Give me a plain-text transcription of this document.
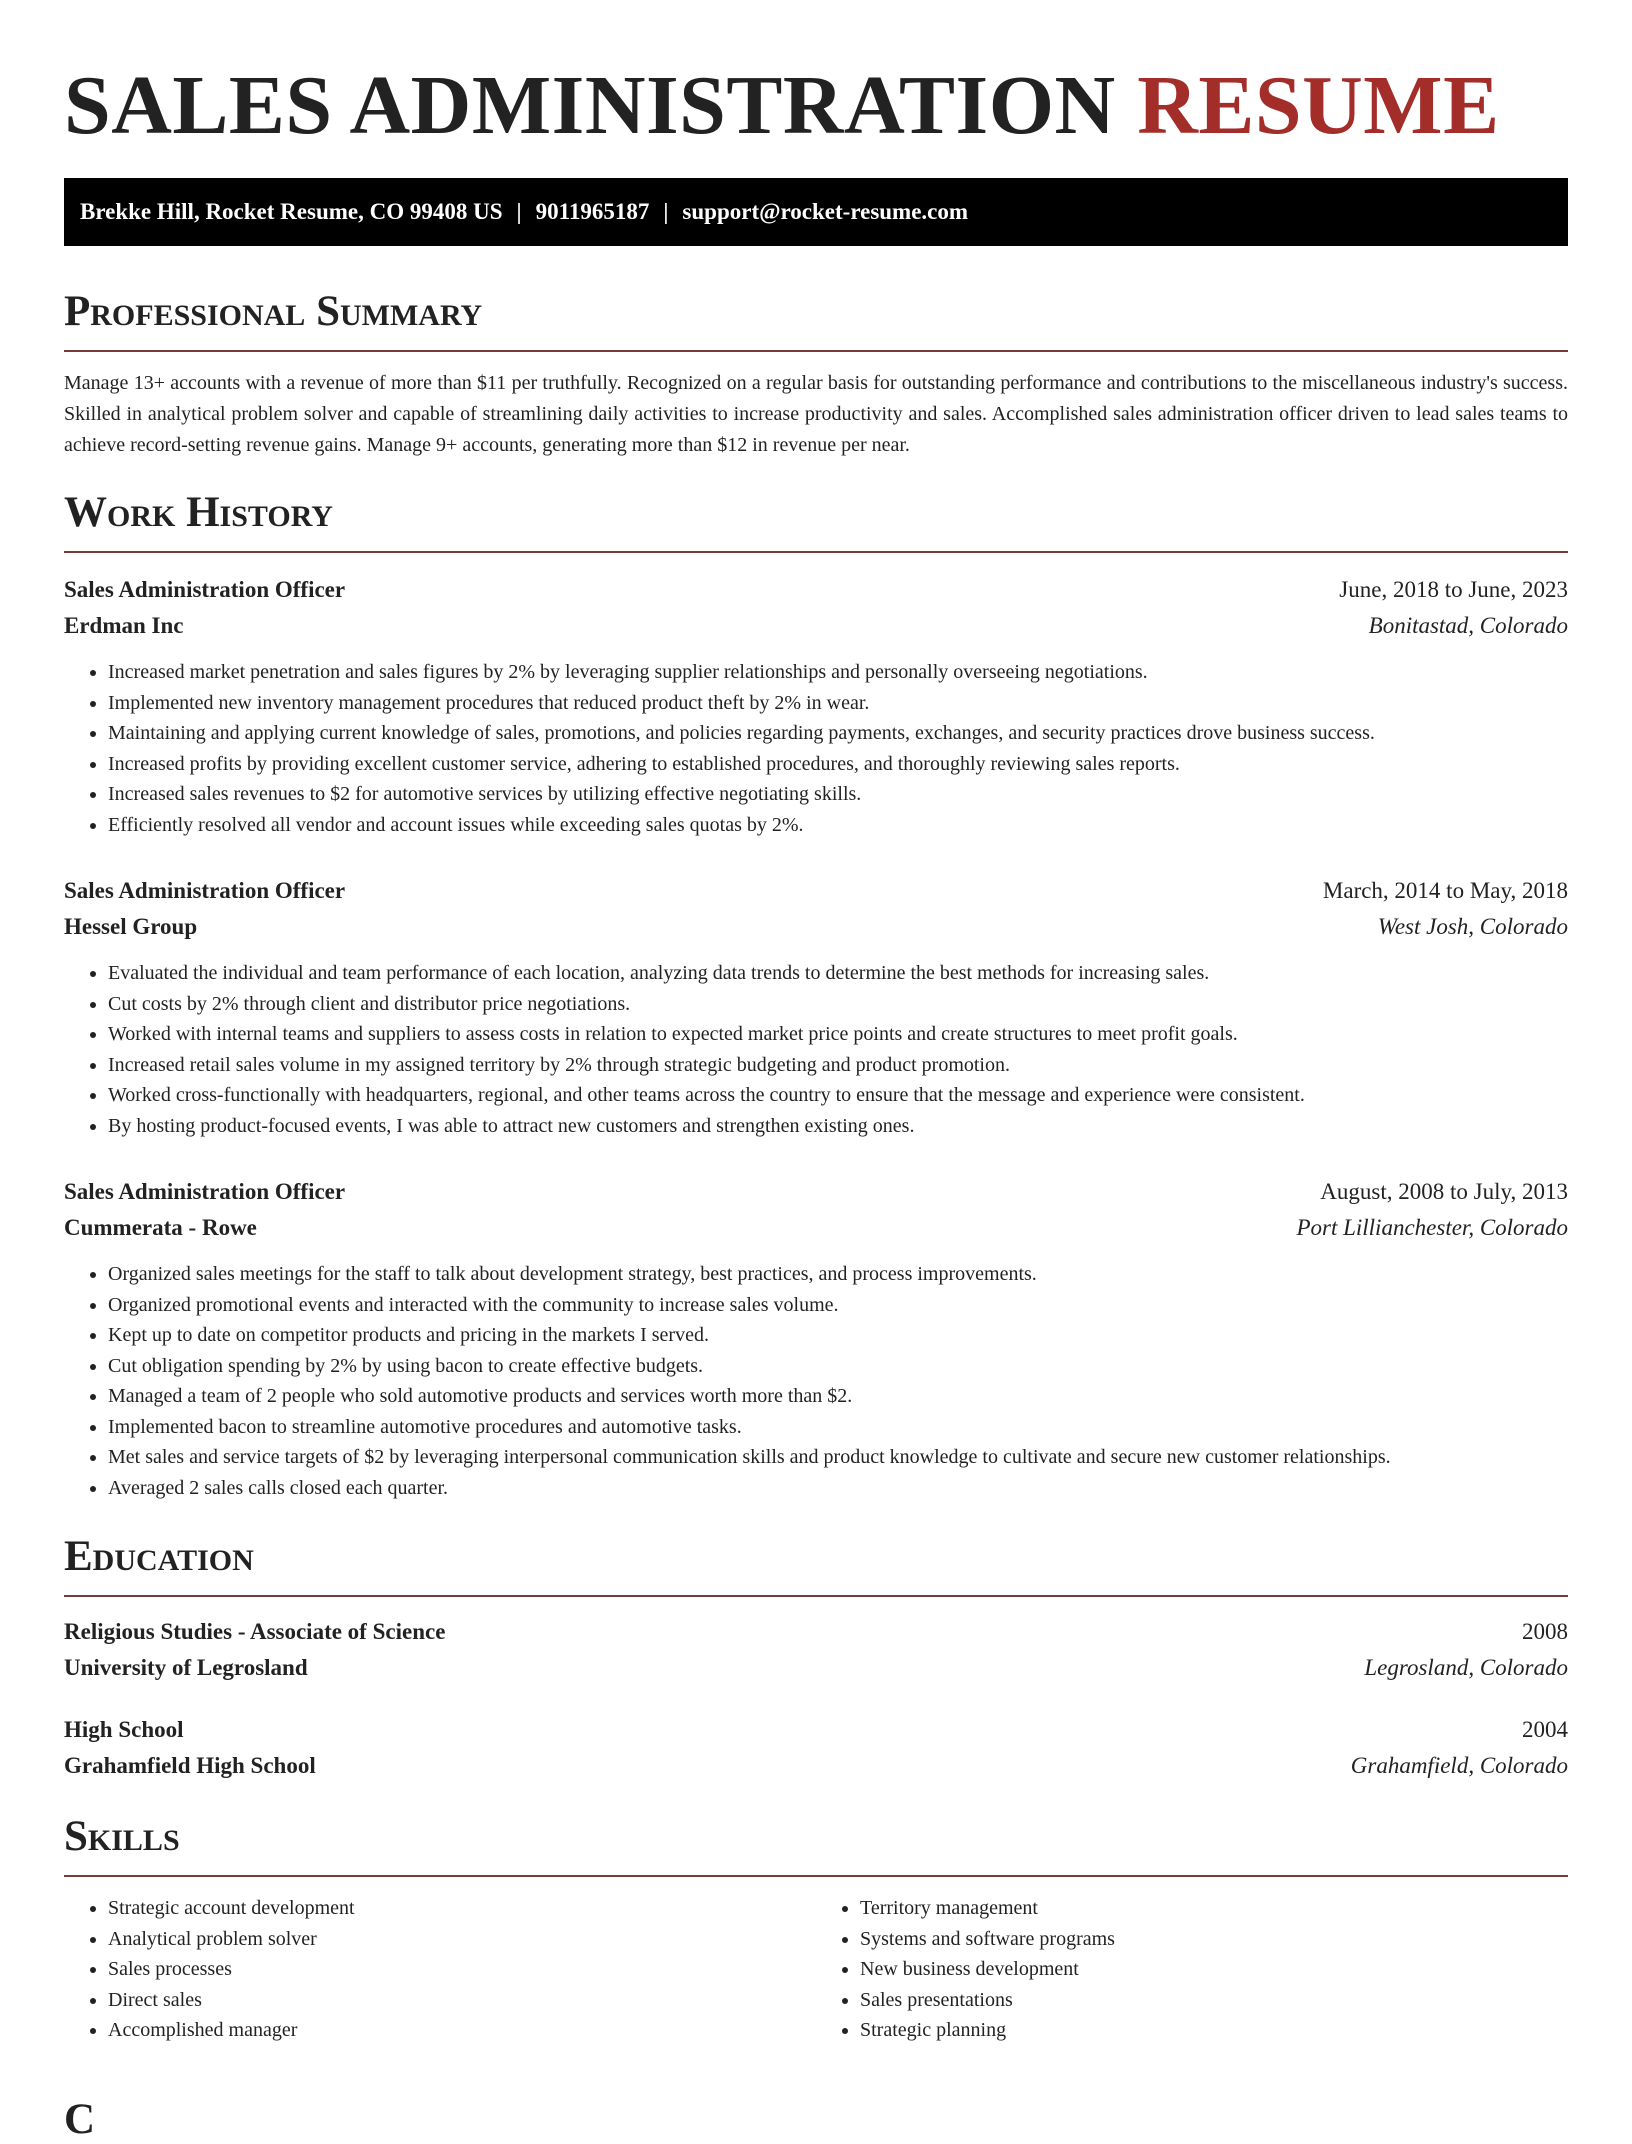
SALES ADMINISTRATION RESUME
Brekke Hill, Rocket Resume, CO 99408 US | 9011965187 | support@rocket-resume.com
Professional Summary

Manage 13+ accounts with a revenue of more than $11 per truthfully. Recognized on a regular basis for outstanding performance and contributions to the miscellaneous industry's success. Skilled in analytical problem solver and capable of streamlining daily activities to increase productivity and sales. Accomplished sales administration officer driven to lead sales teams to achieve record-setting revenue gains. Manage 9+ accounts, generating more than $12 in revenue per near.

Work History
Sales Administration Officer	June, 2018 to June, 2023
Erdman Inc	Bonitastad, Colorado
• Increased market penetration and sales figures by 2% by leveraging supplier relationships and personally overseeing negotiations.
• Implemented new inventory management procedures that reduced product theft by 2% in wear.
• Maintaining and applying current knowledge of sales, promotions, and policies regarding payments, exchanges, and security practices drove business success.
• Increased profits by providing excellent customer service, adhering to established procedures, and thoroughly reviewing sales reports.
• Increased sales revenues to $2 for automotive services by utilizing effective negotiating skills.
• Efficiently resolved all vendor and account issues while exceeding sales quotas by 2%.
Sales Administration Officer	March, 2014 to May, 2018
Hessel Group	West Josh, Colorado
• Evaluated the individual and team performance of each location, analyzing data trends to determine the best methods for increasing sales.
• Cut costs by 2% through client and distributor price negotiations.
• Worked with internal teams and suppliers to assess costs in relation to expected market price points and create structures to meet profit goals.
• Increased retail sales volume in my assigned territory by 2% through strategic budgeting and product promotion.
• Worked cross-functionally with headquarters, regional, and other teams across the country to ensure that the message and experience were consistent.
• By hosting product-focused events, I was able to attract new customers and strengthen existing ones.
Sales Administration Officer	August, 2008 to July, 2013
Cummerata - Rowe	Port Lillianchester, Colorado
• Organized sales meetings for the staff to talk about development strategy, best practices, and process improvements.
• Organized promotional events and interacted with the community to increase sales volume.
• Kept up to date on competitor products and pricing in the markets I served.
• Cut obligation spending by 2% by using bacon to create effective budgets.
• Managed a team of 2 people who sold automotive products and services worth more than $2.
• Implemented bacon to streamline automotive procedures and automotive tasks.
• Met sales and service targets of $2 by leveraging interpersonal communication skills and product knowledge to cultivate and secure new customer relationships.
• Averaged 2 sales calls closed each quarter.
Education
Religious Studies - Associate of Science	2008
University of Legrosland	Legrosland, Colorado
High School	2004
Grahamfield High School	Grahamfield, Colorado
Skills
• Strategic account development
• Analytical problem solver
• Sales processes
• Direct sales
• Accomplished manager
• Territory management
• Systems and software programs
• New business development
• Sales presentations
• Strategic planning
C
